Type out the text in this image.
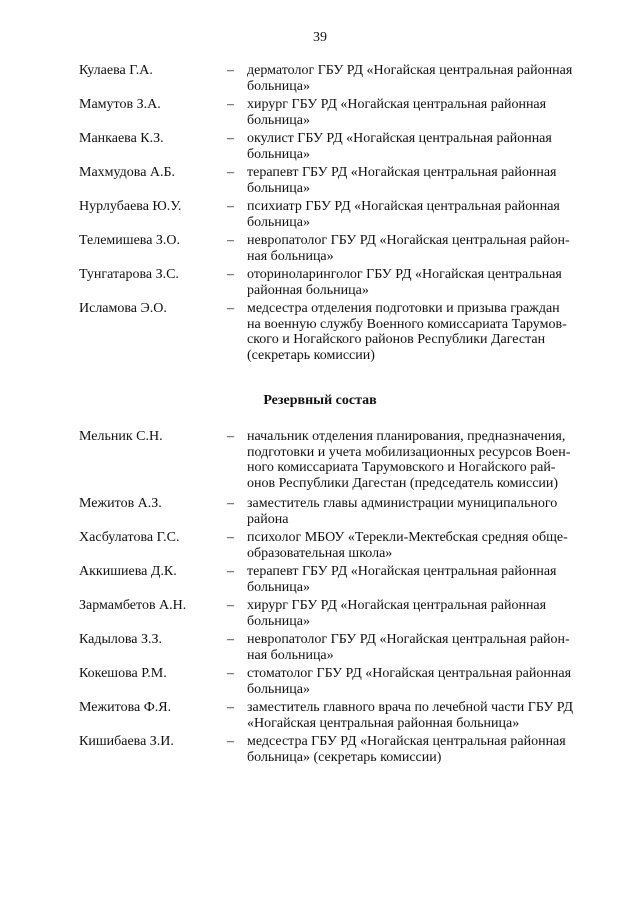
39
Кулаева Г.А.	– дерматолог ГБУ РД «Ногайская центральная районная
больница»
Мамутов З.А.	– хирург ГБУ РД «Ногайская центральная районная
больница»
Манкаева К.З.	– окулист ГБУ РД «Ногайская центральная районная
больница»
Махмудова А.Б.	– терапевт ГБУ РД «Ногайская центральная районная
больница»
Нурлубаева Ю.У.	– психиатр ГБУ РД «Ногайская центральная районная
больница»
Телемишева З.О.	– невропатолог ГБУ РД «Ногайская центральная район-
ная больница»
Тунгатарова З.С.	– оториноларинголог ГБУ РД «Ногайская центральная
районная больница»
Исламова Э.О.	– медсестра отделения подготовки и призыва граждан
на военную службу Военного комиссариата Тарумов-
ского и Ногайского районов Республики Дагестан
(секретарь комиссии)
Резервный состав
Мельник С.Н.	– начальник отделения планирования, предназначения,
подготовки и учета мобилизационных ресурсов Воен-
ного комиссариата Тарумовского и Ногайского рай-
онов Республики Дагестан (председатель комиссии)
Межитов А.З.	– заместитель главы администрации муниципального
района
Хасбулатова Г.С.	– психолог МБОУ «Терекли-Мектебская средняя обще-
образовательная школа»
Аккишиева Д.К.	– терапевт ГБУ РД «Ногайская центральная районная
больница»
Зармамбетов А.Н.	– хирург ГБУ РД «Ногайская центральная районная
больница»
Кадылова З.З.	– невропатолог ГБУ РД «Ногайская центральная район-
ная больница»
Кокешова Р.М.	– стоматолог ГБУ РД «Ногайская центральная районная
больница»
Межитова Ф.Я.	– заместитель главного врача по лечебной части ГБУ РД
«Ногайская центральная районная больница»
Кишибаева З.И.	– медсестра ГБУ РД «Ногайская центральная районная
больница» (секретарь комиссии)
